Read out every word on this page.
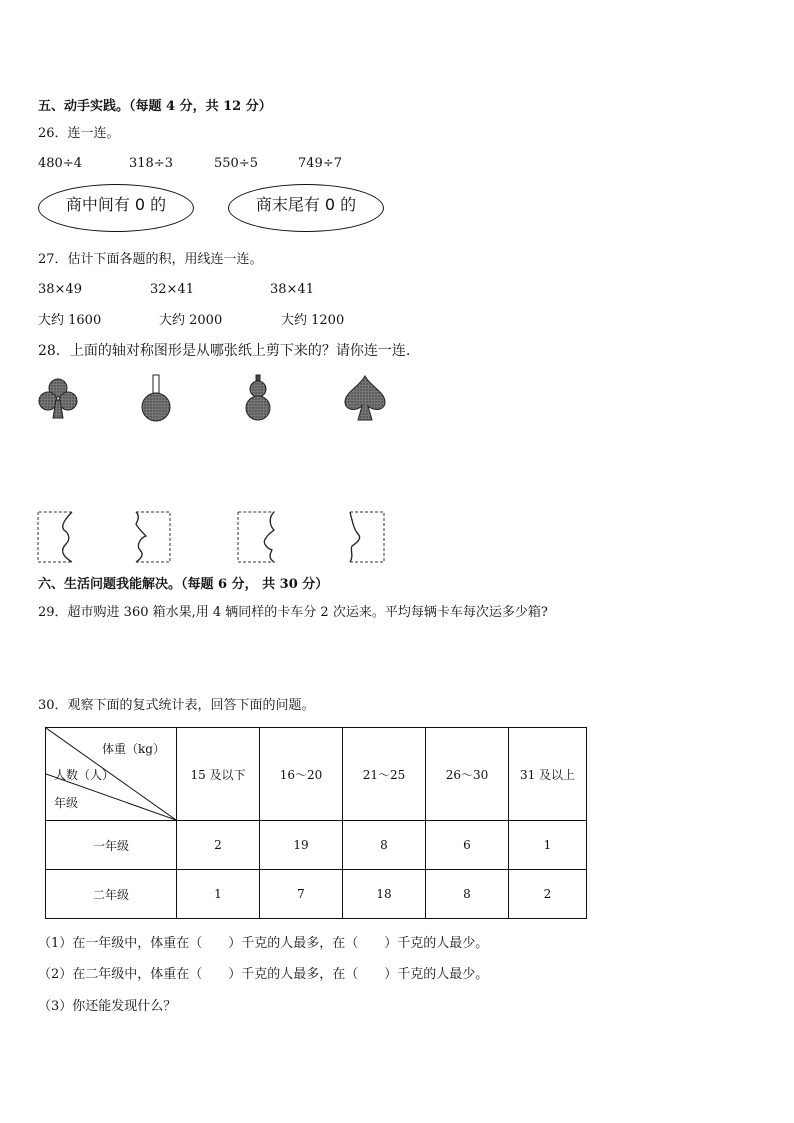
五、动手实践。（每题 4 分，共 12 分）
26．连一连。
480÷4	318÷3	550÷5	749÷7
商中间有 0 的	商末尾有 0 的
27．估计下面各题的积，用线连一连。
38×49	32×41	38×41
大约 1600	大约 2000	大约 1200
28．上面的轴对称图形是从哪张纸上剪下来的？请你连一连.
六、生活问题我能解决。（每题 6 分， 共 30 分）
29．超市购进 360 箱水果,用 4 辆同样的卡车分 2 次运来。平均每辆卡车每次运多少箱?
30．观察下面的复式统计表，回答下面的问题。
体重（kg）
人数（人）
年级	15 及以下	16～20	21～25	26～30	31 及以上
一年级	2	19	8	6	1
二年级	1	7	18	8	2
（1）在一年级中，体重在（　　）千克的人最多，在（　　）千克的人最少。
（2）在二年级中，体重在（　　）千克的人最多，在（　　）千克的人最少。
（3）你还能发现什么？
